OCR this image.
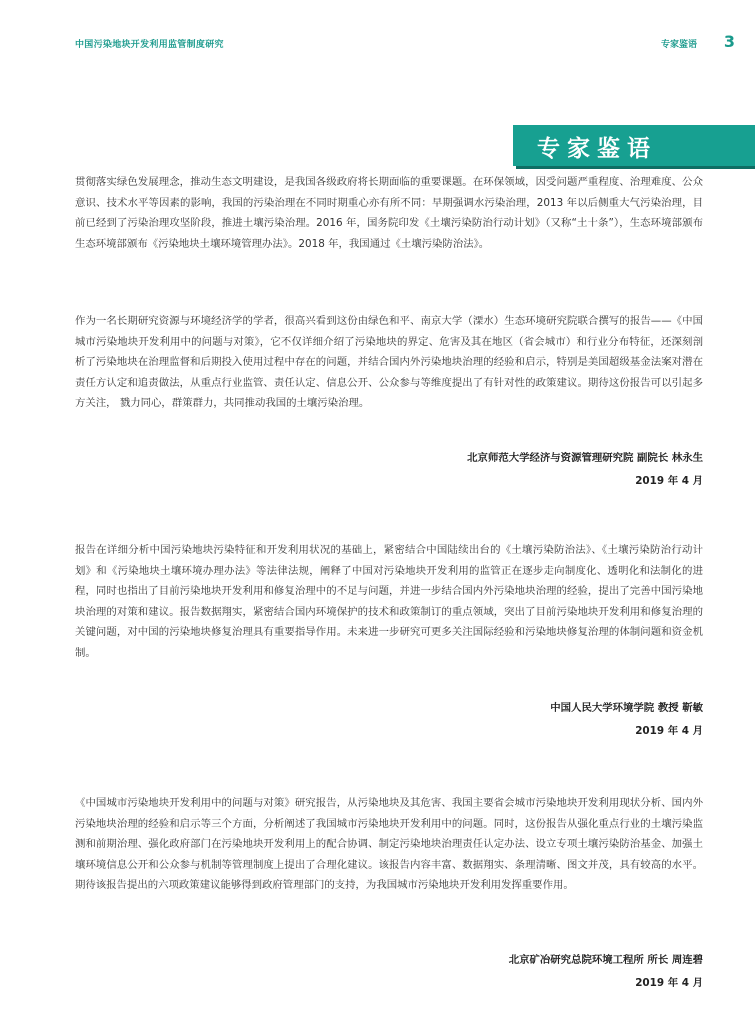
中国污染地块开发利用监管制度研究	专家鉴语 3
专家鉴语

贯彻落实绿色发展理念，推动生态文明建设，是我国各级政府将长期面临的重要课题。在环保领域，因受问题严重程度、治理难度、公众意识、技术水平等因素的影响，我国的污染治理在不同时期重心亦有所不同：早期强调水污染治理，2013 年以后侧重大气污染治理，目前已经到了污染治理攻坚阶段，推进土壤污染治理。2016 年，国务院印发《土壤污染防治行动计划》（又称“土十条”），生态环境部颁布生态环境部颁布《污染地块土壤环境管理办法》。2018 年，我国通过《土壤污染防治法》。

作为一名长期研究资源与环境经济学的学者，很高兴看到这份由绿色和平、南京大学（溧水）生态环境研究院联合撰写的报告——《中国城市污染地块开发利用中的问题与对策》，它不仅详细介绍了污染地块的界定、危害及其在地区（省会城市）和行业分布特征，还深刻剖析了污染地块在治理监督和后期投入使用过程中存在的问题，并结合国内外污染地块治理的经验和启示，特别是美国超级基金法案对潜在责任方认定和追责做法，从重点行业监管、责任认定、信息公开、公众参与等维度提出了有针对性的政策建议。期待这份报告可以引起多方关注， 戮力同心，群策群力，共同推动我国的土壤污染治理。

北京师范大学经济与资源管理研究院 副院长 林永生
2019 年 4 月

报告在详细分析中国污染地块污染特征和开发利用状况的基础上，紧密结合中国陆续出台的《土壤污染防治法》、《土壤污染防治行动计划》和《污染地块土壤环境办理办法》等法律法规，阐释了中国对污染地块开发利用的监管正在逐步走向制度化、透明化和法制化的进程，同时也指出了目前污染地块开发利用和修复治理中的不足与问题，并进一步结合国内外污染地块治理的经验，提出了完善中国污染地块治理的对策和建议。报告数据翔实，紧密结合国内环境保护的技术和政策制订的重点领域，突出了目前污染地块开发利用和修复治理的关键问题，对中国的污染地块修复治理具有重要指导作用。未来进一步研究可更多关注国际经验和污染地块修复治理的体制问题和资金机制。

中国人民大学环境学院 教授 靳敏
2019 年 4 月

《中国城市污染地块开发利用中的问题与对策》研究报告，从污染地块及其危害、我国主要省会城市污染地块开发利用现状分析、国内外污染地块治理的经验和启示等三个方面，分析阐述了我国城市污染地块开发利用中的问题。同时，这份报告从强化重点行业的土壤污染监测和前期治理、强化政府部门在污染地块开发利用上的配合协调、制定污染地块治理责任认定办法、设立专项土壤污染防治基金、加强土壤环境信息公开和公众参与机制等管理制度上提出了合理化建议。该报告内容丰富、数据翔实、条理清晰、图文并茂，具有较高的水平。期待该报告提出的六项政策建议能够得到政府管理部门的支持，为我国城市污染地块开发利用发挥重要作用。

北京矿冶研究总院环境工程所 所长 周连碧
2019 年 4 月
